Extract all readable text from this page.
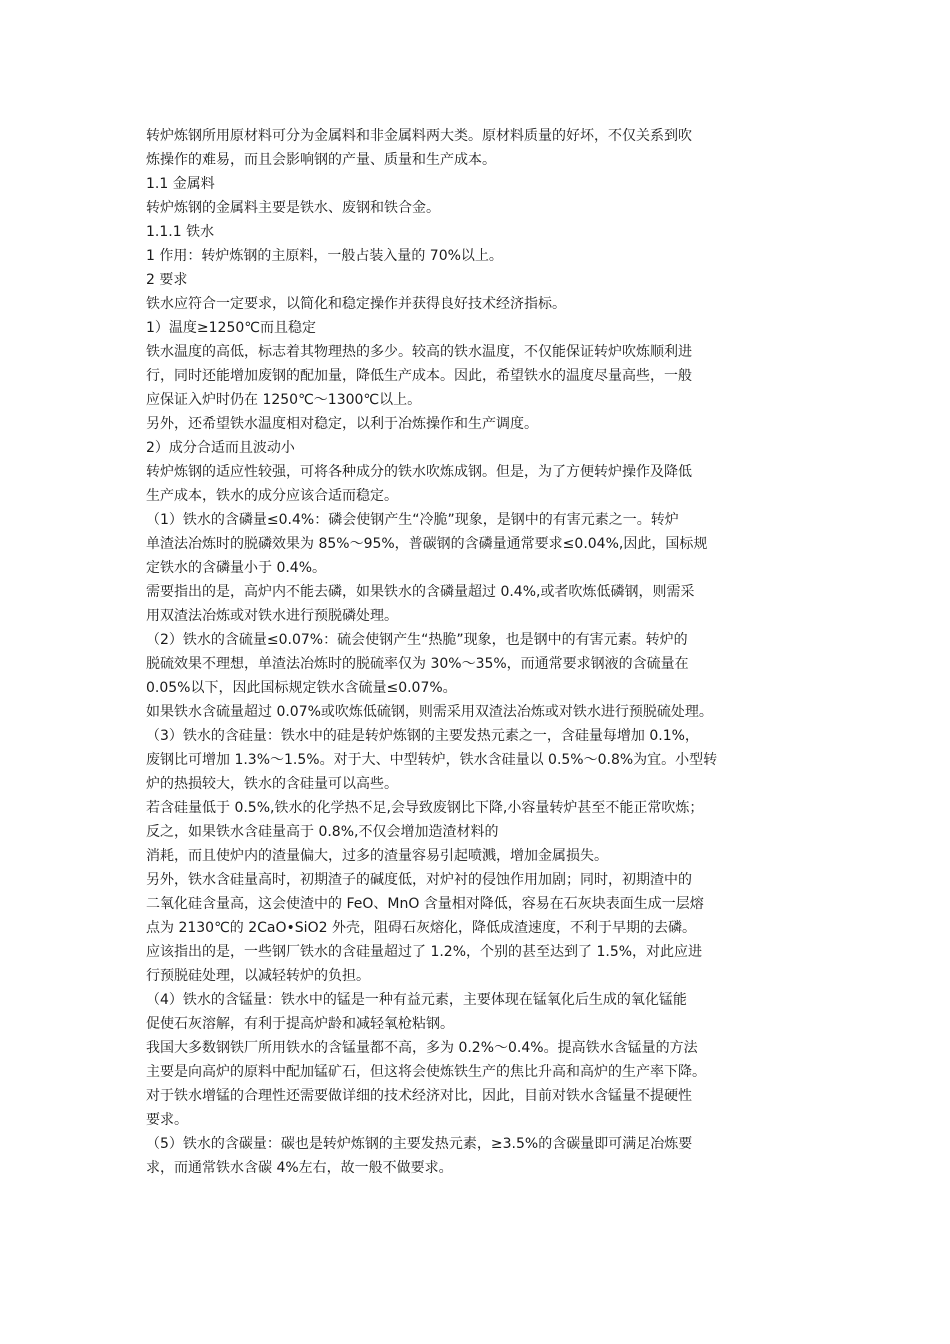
转炉炼钢所用原材料可分为金属料和非金属料两大类。原材料质量的好坏，不仅关系到吹
炼操作的难易，而且会影响钢的产量、质量和生产成本。
1.1 金属料
转炉炼钢的金属料主要是铁水、废钢和铁合金。
1.1.1 铁水
1 作用：转炉炼钢的主原料，一般占装入量的 70%以上。
2 要求
铁水应符合一定要求，以简化和稳定操作并获得良好技术经济指标。
1）温度≥1250℃而且稳定
铁水温度的高低，标志着其物理热的多少。较高的铁水温度，不仅能保证转炉吹炼顺利进
行，同时还能增加废钢的配加量，降低生产成本。因此，希望铁水的温度尽量高些，一般
应保证入炉时仍在 1250℃～1300℃以上。
另外，还希望铁水温度相对稳定，以利于冶炼操作和生产调度。
2）成分合适而且波动小
转炉炼钢的适应性较强，可将各种成分的铁水吹炼成钢。但是，为了方便转炉操作及降低
生产成本，铁水的成分应该合适而稳定。
（1）铁水的含磷量≤0.4%：磷会使钢产生“冷脆”现象，是钢中的有害元素之一。转炉
单渣法冶炼时的脱磷效果为 85%～95%，普碳钢的含磷量通常要求≤0.04%,因此，国标规
定铁水的含磷量小于 0.4%。
需要指出的是，高炉内不能去磷，如果铁水的含磷量超过 0.4%,或者吹炼低磷钢，则需采
用双渣法冶炼或对铁水进行预脱磷处理。
（2）铁水的含硫量≤0.07%：硫会使钢产生“热脆”现象，也是钢中的有害元素。转炉的
脱硫效果不理想，单渣法冶炼时的脱硫率仅为 30%～35%，而通常要求钢液的含硫量在
0.05%以下，因此国标规定铁水含硫量≤0.07%。
如果铁水含硫量超过 0.07%或吹炼低硫钢，则需采用双渣法冶炼或对铁水进行预脱硫处理。
（3）铁水的含硅量：铁水中的硅是转炉炼钢的主要发热元素之一，含硅量每增加 0.1%，
废钢比可增加 1.3%～1.5%。对于大、中型转炉，铁水含硅量以 0.5%～0.8%为宜。小型转
炉的热损较大，铁水的含硅量可以高些。
若含硅量低于 0.5%,铁水的化学热不足,会导致废钢比下降,小容量转炉甚至不能正常吹炼；
反之，如果铁水含硅量高于 0.8%,不仅会增加造渣材料的
消耗，而且使炉内的渣量偏大，过多的渣量容易引起喷溅，增加金属损失。
另外，铁水含硅量高时，初期渣子的碱度低，对炉衬的侵蚀作用加剧；同时，初期渣中的
二氧化硅含量高，这会使渣中的 FeO、MnO 含量相对降低，容易在石灰块表面生成一层熔
点为 2130℃的 2CaO•SiO2 外壳，阻碍石灰熔化，降低成渣速度，不利于早期的去磷。
应该指出的是，一些钢厂铁水的含硅量超过了 1.2%，个别的甚至达到了 1.5%，对此应进
行预脱硅处理，以减轻转炉的负担。
（4）铁水的含锰量：铁水中的锰是一种有益元素，主要体现在锰氧化后生成的氧化锰能
促使石灰溶解，有利于提高炉龄和减轻氧枪粘钢。
我国大多数钢铁厂所用铁水的含锰量都不高，多为 0.2%～0.4%。提高铁水含锰量的方法
主要是向高炉的原料中配加锰矿石，但这将会使炼铁生产的焦比升高和高炉的生产率下降。
对于铁水增锰的合理性还需要做详细的技术经济对比，因此，目前对铁水含锰量不提硬性
要求。
（5）铁水的含碳量：碳也是转炉炼钢的主要发热元素，≥3.5%的含碳量即可满足冶炼要
求，而通常铁水含碳 4%左右，故一般不做要求。
